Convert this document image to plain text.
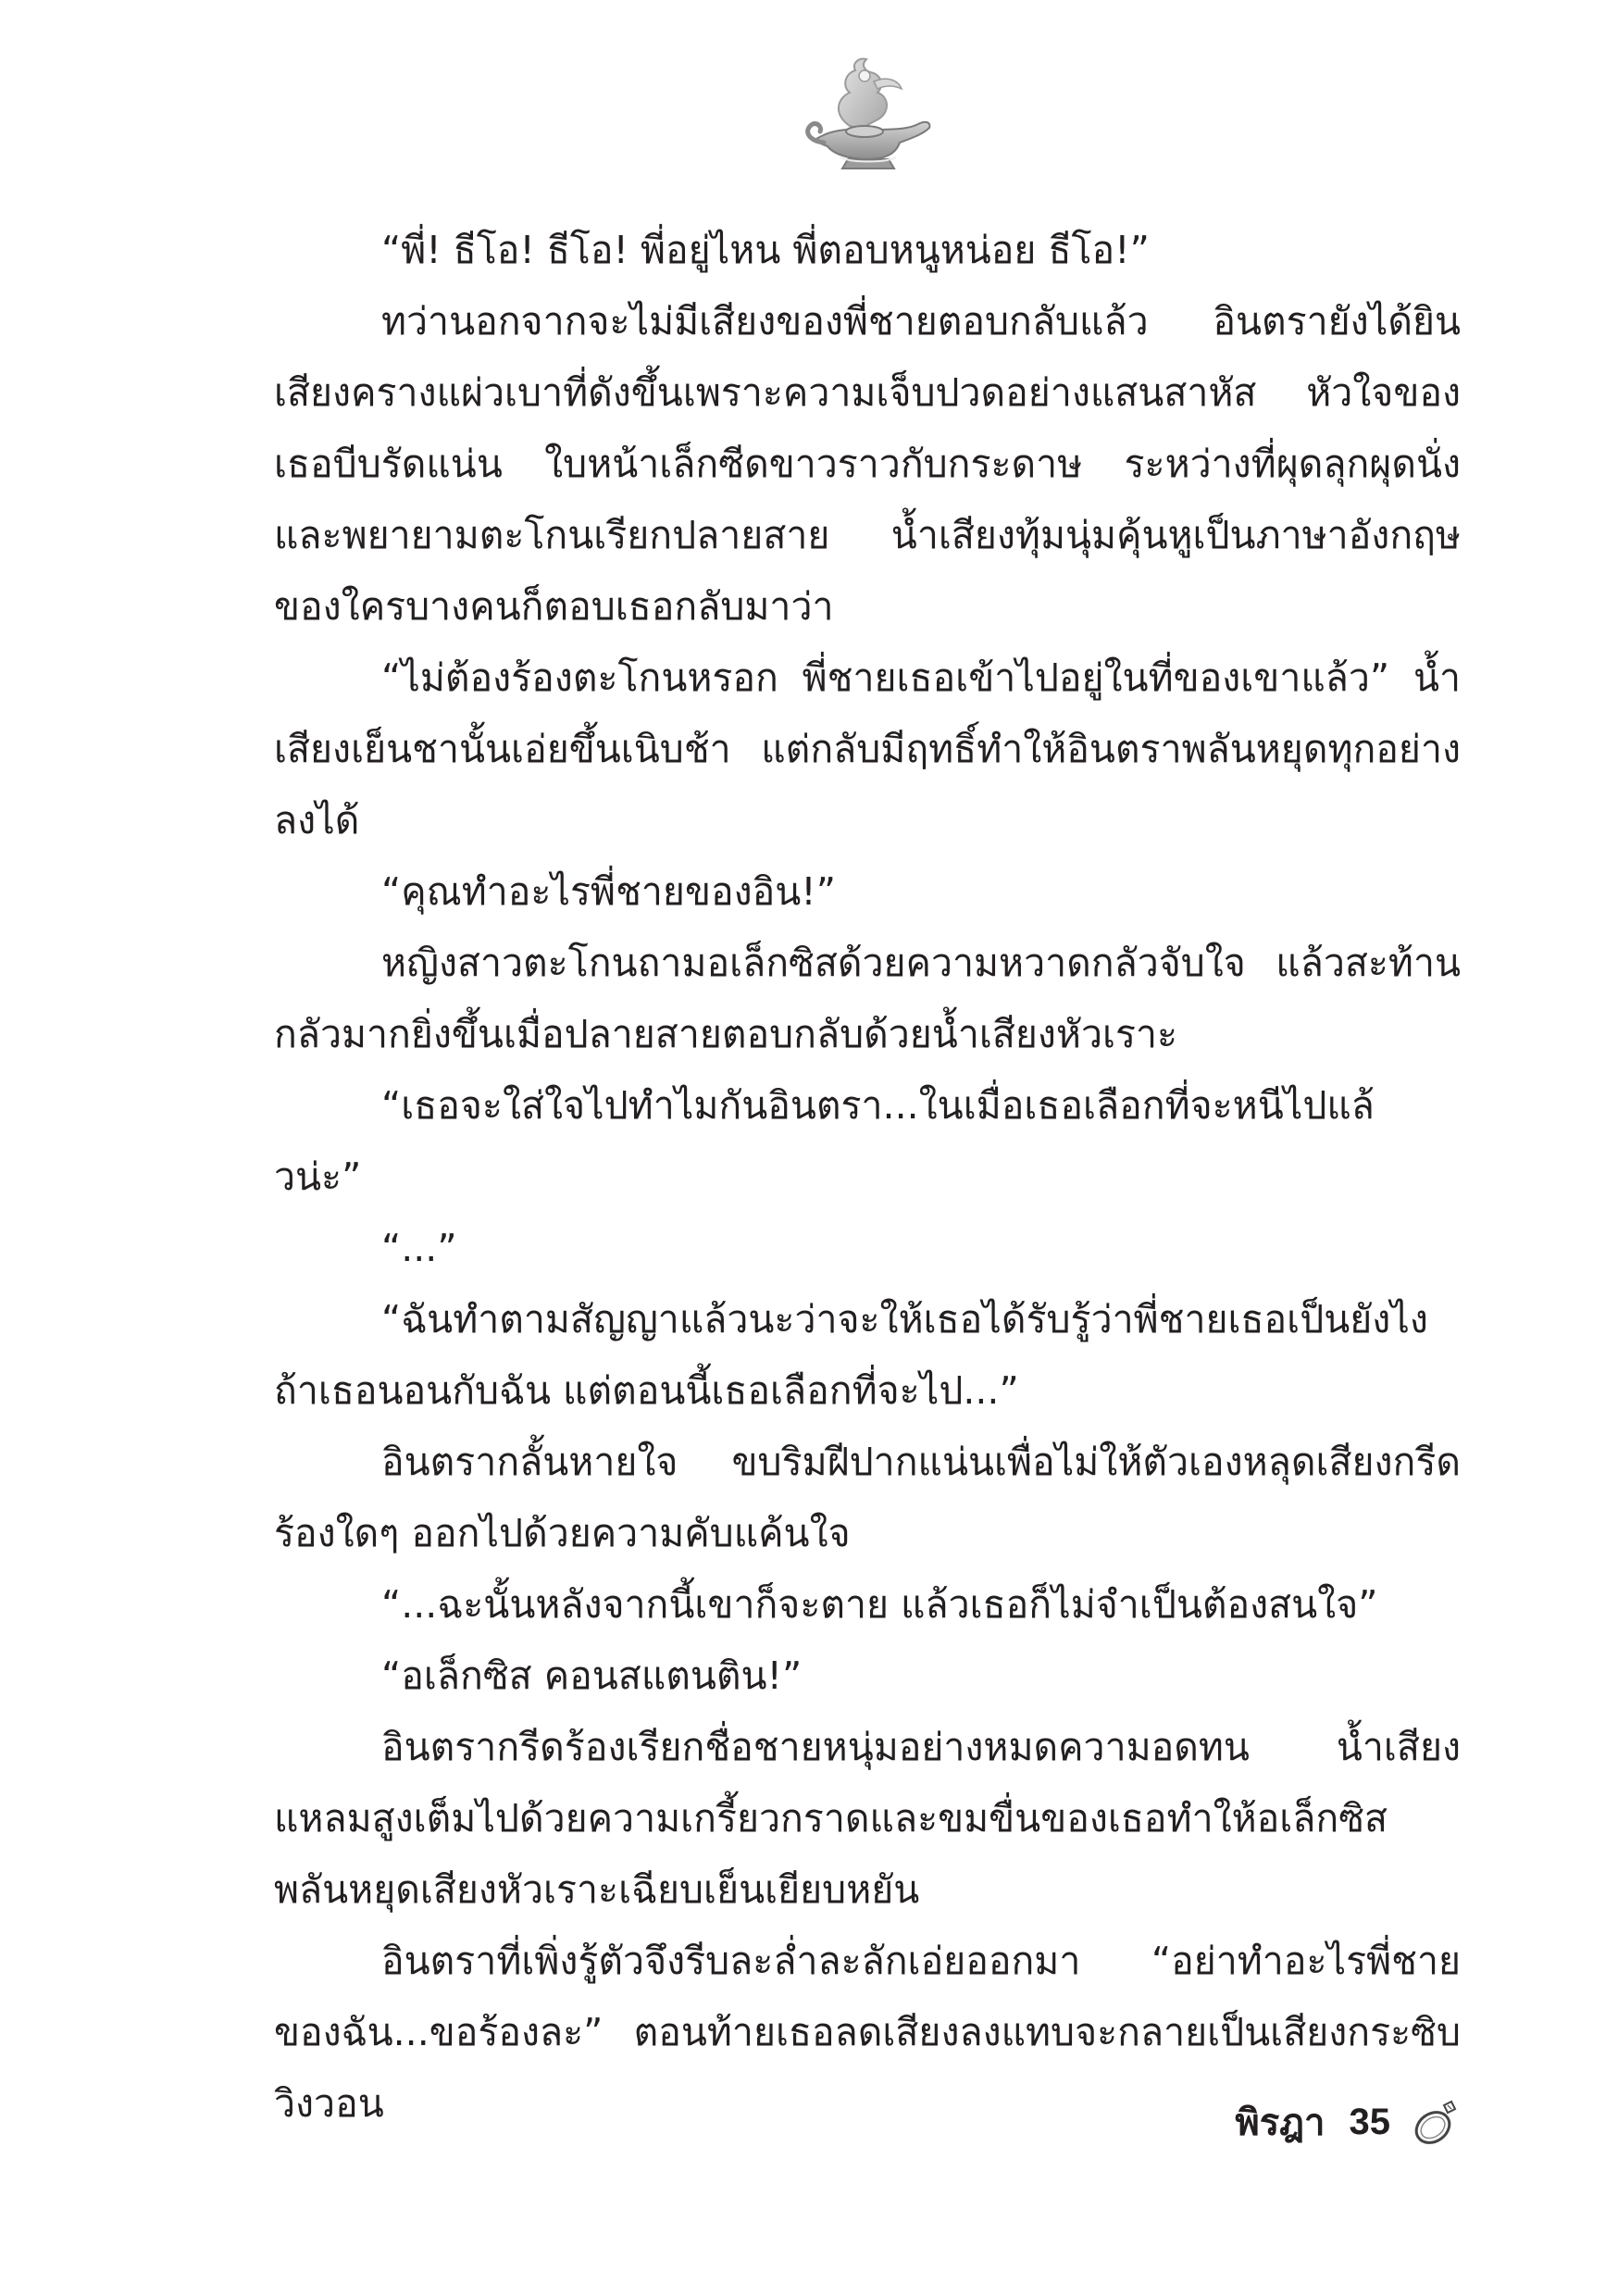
“พี่! ธีโอ! ธีโอ! พี่อยู่ไหน พี่ตอบหนูหน่อย ธีโอ!”

ทว่านอกจากจะไม่มีเสียงของพี่ชายตอบกลับแล้ว อินตรายังได้ยินเสียงครางแผ่วเบาที่ดังขึ้นเพราะความเจ็บปวดอย่างแสนสาหัส หัวใจของเธอบีบรัดแน่น ใบหน้าเล็กซีดขาวราวกับกระดาษ ระหว่างที่ผุดลุกผุดนั่งและพยายามตะโกนเรียกปลายสาย น้ำเสียงทุ้มนุ่มคุ้นหูเป็นภาษาอังกฤษของใครบางคนก็ตอบเธอกลับมาว่า

“ไม่ต้องร้องตะโกนหรอก พี่ชายเธอเข้าไปอยู่ในที่ของเขาแล้ว” น้ำเสียงเย็นชานั้นเอ่ยขึ้นเนิบช้า แต่กลับมีฤทธิ์ทำให้อินตราพลันหยุดทุกอย่างลงได้

“คุณทำอะไรพี่ชายของอิน!”

หญิงสาวตะโกนถามอเล็กซิสด้วยความหวาดกลัวจับใจ แล้วสะท้านกลัวมากยิ่งขึ้นเมื่อปลายสายตอบกลับด้วยน้ำเสียงหัวเราะ

“เธอจะใส่ใจไปทำไมกันอินตรา...ในเมื่อเธอเลือกที่จะหนีไปแล้วน่ะ”

“...”

“ฉันทำตามสัญญาแล้วนะว่าจะให้เธอได้รับรู้ว่าพี่ชายเธอเป็นยังไงถ้าเธอนอนกับฉัน แต่ตอนนี้เธอเลือกที่จะไป...”

อินตรากลั้นหายใจ ขบริมฝีปากแน่นเพื่อไม่ให้ตัวเองหลุดเสียงกรีดร้องใดๆ ออกไปด้วยความคับแค้นใจ

“...ฉะนั้นหลังจากนี้เขาก็จะตาย แล้วเธอก็ไม่จำเป็นต้องสนใจ”

“อเล็กซิส คอนสแตนติน!”

อินตรากรีดร้องเรียกชื่อชายหนุ่มอย่างหมดความอดทน น้ำเสียงแหลมสูงเต็มไปด้วยความเกรี้ยวกราดและขมขื่นของเธอทำให้อเล็กซิสพลันหยุดเสียงหัวเราะเฉียบเย็นเยียบหยัน

อินตราที่เพิ่งรู้ตัวจึงรีบละล่ำละลักเอ่ยออกมา “อย่าทำอะไรพี่ชายของฉัน...ขอร้องละ” ตอนท้ายเธอลดเสียงลงแทบจะกลายเป็นเสียงกระซิบวิงวอน	พิรฎา 35
